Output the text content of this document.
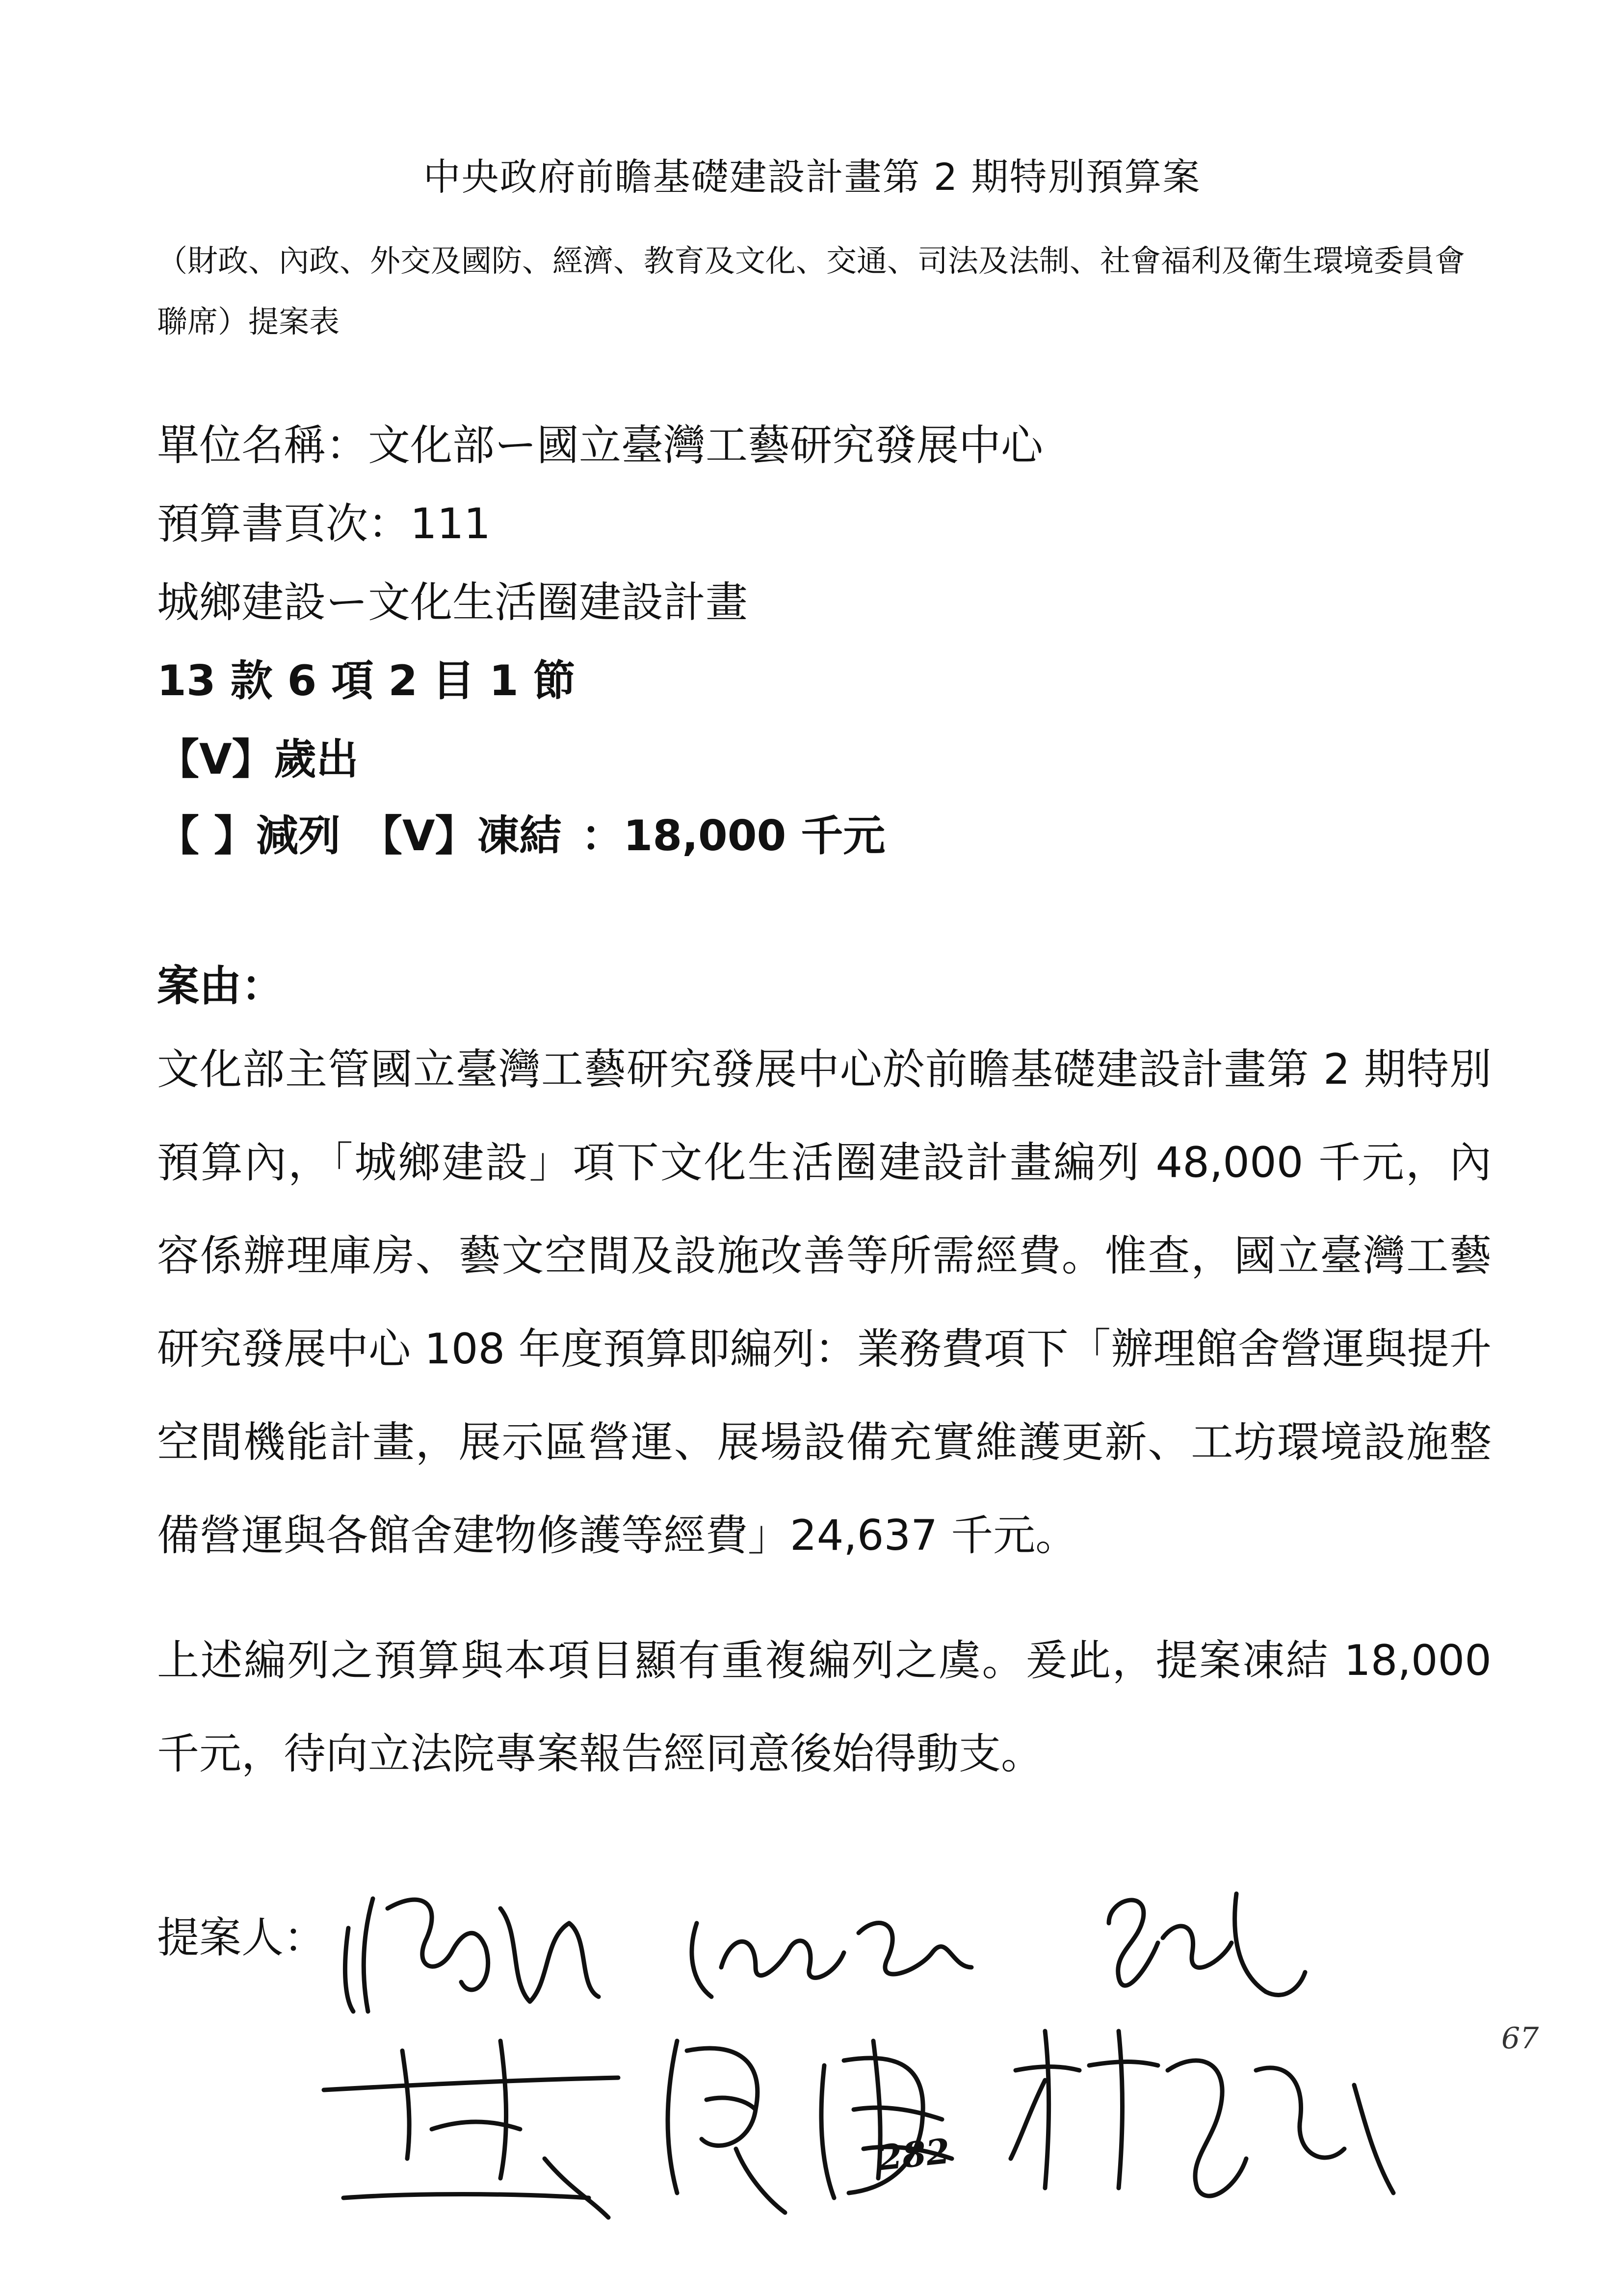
中央政府前瞻基礎建設計畫第 2 期特別預算案
（財政、內政、外交及國防、經濟、教育及文化、交通、司法及法制、社會福利及衛生環境委員會聯席）提案表
單位名稱：文化部ー國立臺灣工藝研究發展中心
預算書頁次：111
城鄉建設ー文化生活圈建設計畫
13 款 6 項 2 目 1 節
【V】歲出
【 】減列 【V】凍結 ：18,000 千元
案由：
文化部主管國立臺灣工藝研究發展中心於前瞻基礎建設計畫第 2 期特別預算內，「城鄉建設」項下文化生活圈建設計畫編列 48,000 千元，內容係辦理庫房、藝文空間及設施改善等所需經費。惟查，國立臺灣工藝研究發展中心 108 年度預算即編列：業務費項下「辦理館舍營運與提升空間機能計畫，展示區營運、展場設備充實維護更新、工坊環境設施整備營運與各館舍建物修護等經費」24,637 千元。
上述編列之預算與本項目顯有重複編列之虞。爰此，提案凍結 18,000 千元，待向立法院專案報告經同意後始得動支。
提案人：
282
67
